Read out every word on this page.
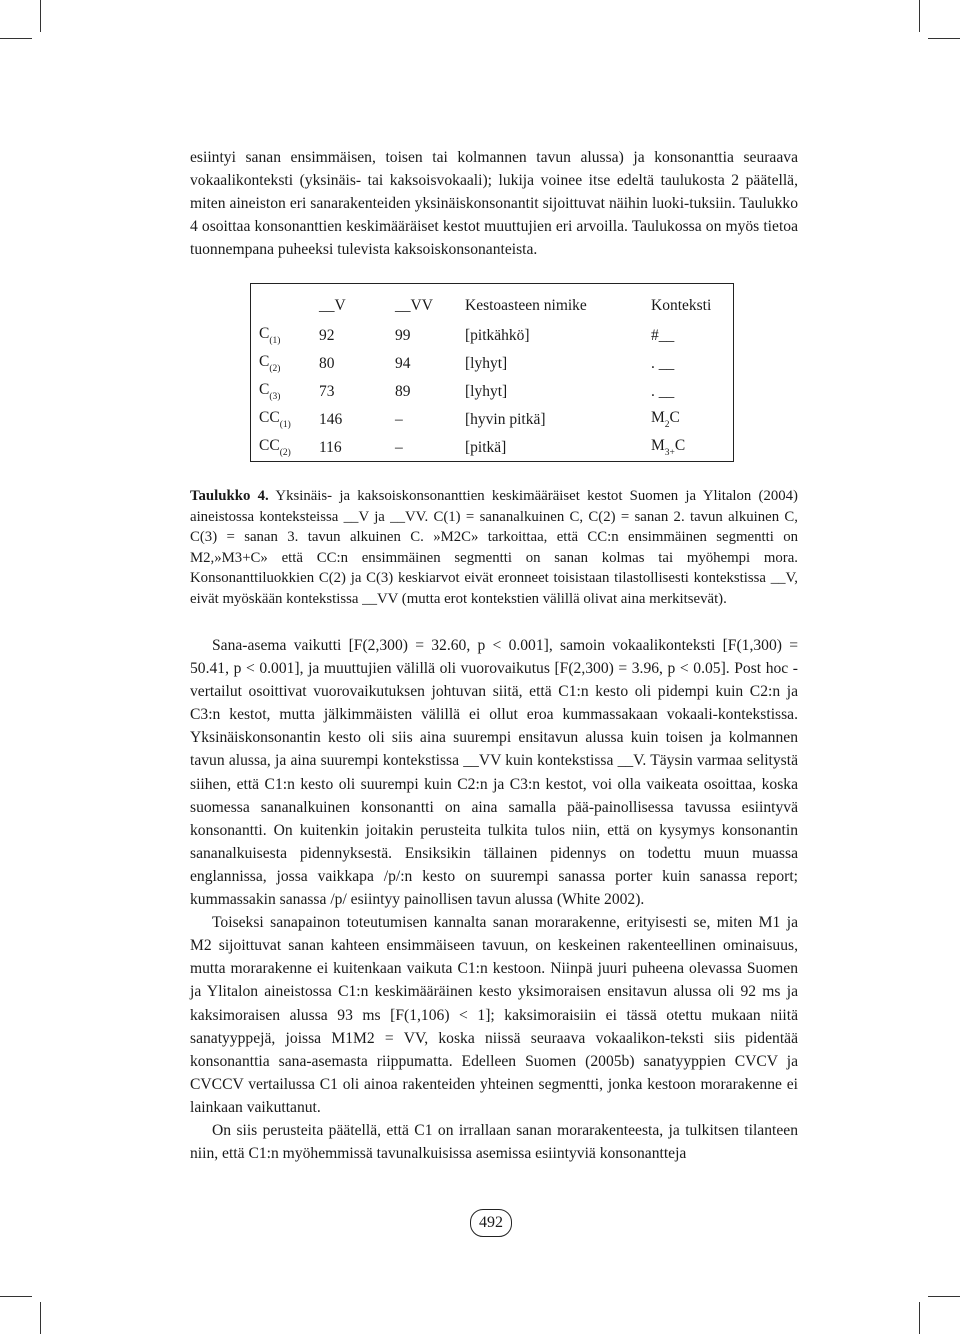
esiintyi sanan ensimmäisen, toisen tai kolmannen tavun alussa) ja konsonanttia seuraava vokaalikonteksti (yksinäis- tai kaksoisvokaali); lukija voinee itse edeltä taulukosta 2 päätellä, miten aineiston eri sanarakenteiden yksinäiskonsonantit sijoittuvat näihin luoki-tuksiin. Taulukko 4 osoittaa konsonanttien keskimääräiset kestot muuttujien eri arvoilla. Taulukossa on myös tietoa tuonnempana puheeksi tulevista kaksoiskonsonanteista.

	__V	__VV	Kestoasteen nimike	Konteksti
$C_{(1)}$	92	99	[pitkähkö]	#__
$C_{(2)}$	80	94	[lyhyt]	. __
$C_{(3)}$	73	89	[lyhyt]	. __
$CC_{(1)}$	146	–	[hyvin pitkä]	$M_2C$
$CC_{(2)}$	116	–	[pitkä]	$M_{3+}C$

Taulukko 4. Yksinäis- ja kaksoiskonsonanttien keskimääräiset kestot Suomen ja Ylitalon (2004) aineistossa konteksteissa __V ja __VV. C(1) = sananalkuinen C, C(2) = sanan 2. tavun alkuinen C, C(3) = sanan 3. tavun alkuinen C. »M2C» tarkoittaa, että CC:n ensimmäinen segmentti on M2,»M3+C» että CC:n ensimmäinen segmentti on sanan kolmas tai myöhempi mora. Konsonanttiluokkien C(2) ja C(3) keskiarvot eivät eronneet toisistaan tilastollisesti kontekstissa __V, eivät myöskään kontekstissa __VV (mutta erot kontekstien välillä olivat aina merkitsevät).

Sana-asema vaikutti [F(2,300) = 32.60, p < 0.001], samoin vokaalikonteksti [F(1,300) = 50.41, p < 0.001], ja muuttujien välillä oli vuorovaikutus [F(2,300) = 3.96, p < 0.05]. Post hoc -vertailut osoittivat vuorovaikutuksen johtuvan siitä, että C1:n kesto oli pidempi kuin C2:n ja C3:n kestot, mutta jälkimmäisten välillä ei ollut eroa kummassakaan vokaali-kontekstissa. Yksinäiskonsonantin kesto oli siis aina suurempi ensitavun alussa kuin toisen ja kolmannen tavun alussa, ja aina suurempi kontekstissa __VV kuin kontekstissa __V. Täysin varmaa selitystä siihen, että C1:n kesto oli suurempi kuin C2:n ja C3:n kestot, voi olla vaikeata osoittaa, koska suomessa sananalkuinen konsonantti on aina samalla pää-painollisessa tavussa esiintyvä konsonantti. On kuitenkin joitakin perusteita tulkita tulos niin, että on kysymys konsonantin sananalkuisesta pidennyksestä. Ensiksikin tällainen pidennys on todettu muun muassa englannissa, jossa vaikkapa /p/:n kesto on suurempi sanassa porter kuin sanassa report; kummassakin sanassa /p/ esiintyy painollisen tavun alussa (White 2002).

Toiseksi sanapainon toteutumisen kannalta sanan morarakenne, erityisesti se, miten M1 ja M2 sijoittuvat sanan kahteen ensimmäiseen tavuun, on keskeinen rakenteellinen ominaisuus, mutta morarakenne ei kuitenkaan vaikuta C1:n kestoon. Niinpä juuri puheena olevassa Suomen ja Ylitalon aineistossa C1:n keskimääräinen kesto yksimoraisen ensitavun alussa oli 92 ms ja kaksimoraisen alussa 93 ms [F(1,106) < 1]; kaksimoraisiin ei tässä otettu mukaan niitä sanatyyppejä, joissa M1M2 = VV, koska niissä seuraava vokaalikon-teksti siis pidentää konsonanttia sana-asemasta riippumatta. Edelleen Suomen (2005b) sanatyyppien CVCV ja CVCCV vertailussa C1 oli ainoa rakenteiden yhteinen segmentti, jonka kestoon morarakenne ei lainkaan vaikuttanut.

On siis perusteita päätellä, että C1 on irrallaan sanan morarakenteesta, ja tulkitsen tilanteen niin, että C1:n myöhemmissä tavunalkuisissa asemissa esiintyviä konsonantteja

492
